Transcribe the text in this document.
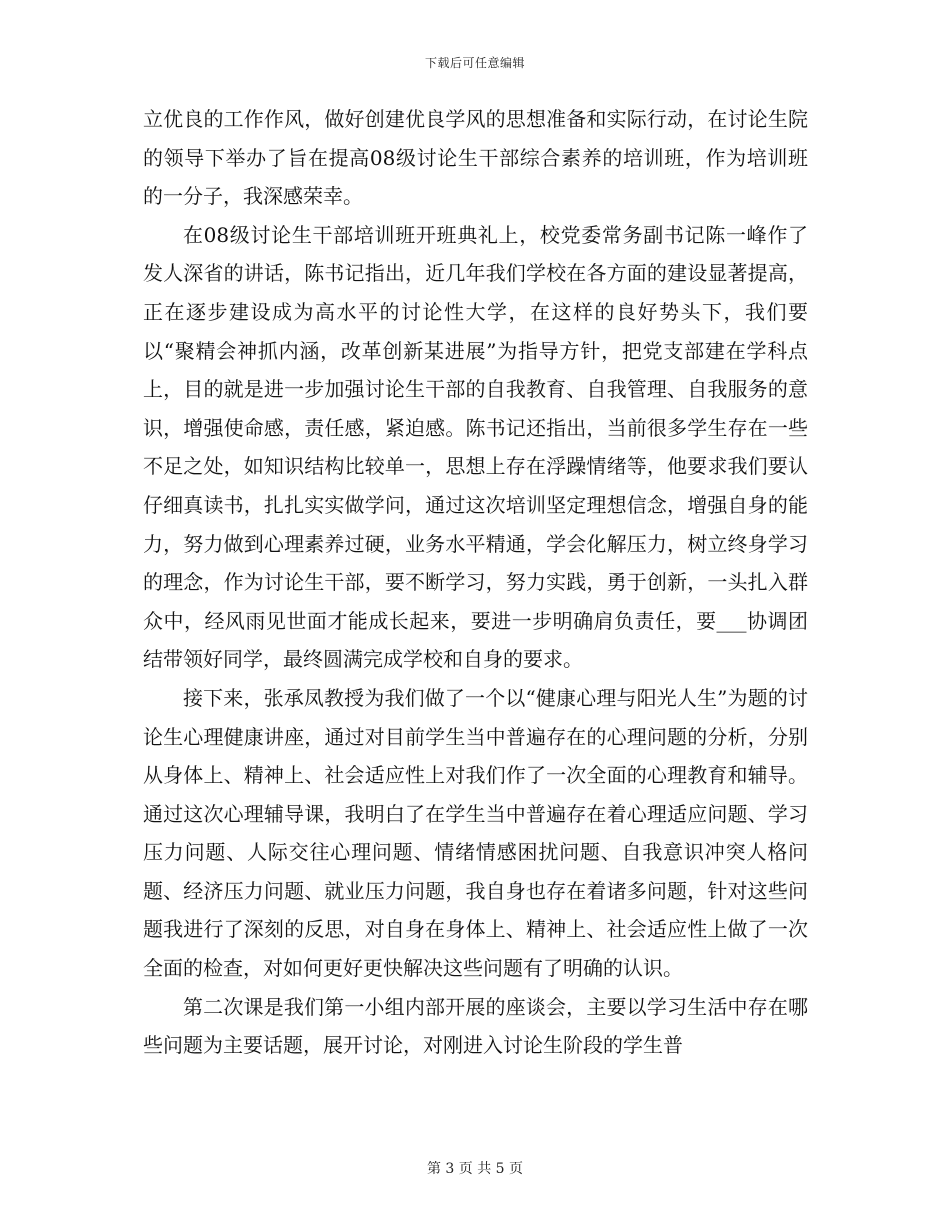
下载后可任意编辑

立优良的工作作风，做好创建优良学风的思想准备和实际行动，在讨论生院的领导下举办了旨在提高08级讨论生干部综合素养的培训班，作为培训班的一分子，我深感荣幸。

在08级讨论生干部培训班开班典礼上，校党委常务副书记陈一峰作了发人深省的讲话，陈书记指出，近几年我们学校在各方面的建设显著提高，正在逐步建设成为高水平的讨论性大学，在这样的良好势头下，我们要以“聚精会神抓内涵，改革创新某进展”为指导方针，把党支部建在学科点上，目的就是进一步加强讨论生干部的自我教育、自我管理、自我服务的意识，增强使命感，责任感，紧迫感。陈书记还指出，当前很多学生存在一些不足之处，如知识结构比较单一，思想上存在浮躁情绪等，他要求我们要认仔细真读书，扎扎实实做学问，通过这次培训坚定理想信念，增强自身的能力，努力做到心理素养过硬，业务水平精通，学会化解压力，树立终身学习的理念，作为讨论生干部，要不断学习，努力实践，勇于创新，一头扎入群众中，经风雨见世面才能成长起来，要进一步明确肩负责任，要___协调团结带领好同学，最终圆满完成学校和自身的要求。

接下来，张承凤教授为我们做了一个以“健康心理与阳光人生”为题的讨论生心理健康讲座，通过对目前学生当中普遍存在的心理问题的分析，分别从身体上、精神上、社会适应性上对我们作了一次全面的心理教育和辅导。通过这次心理辅导课，我明白了在学生当中普遍存在着心理适应问题、学习压力问题、人际交往心理问题、情绪情感困扰问题、自我意识冲突人格问题、经济压力问题、就业压力问题，我自身也存在着诸多问题，针对这些问题我进行了深刻的反思，对自身在身体上、精神上、社会适应性上做了一次全面的检查，对如何更好更快解决这些问题有了明确的认识。

第二次课是我们第一小组内部开展的座谈会，主要以学习生活中存在哪些问题为主要话题，展开讨论，对刚进入讨论生阶段的学生普

第 3 页 共 5 页
